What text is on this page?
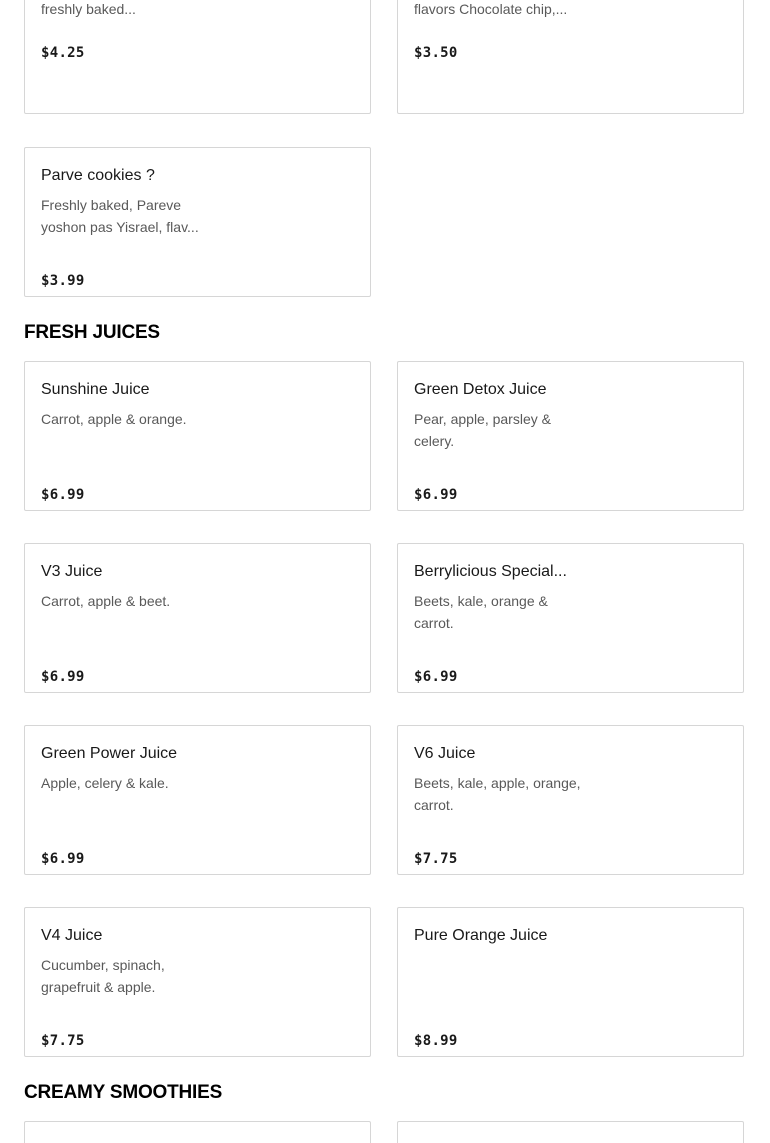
freshly baked...
$4.25
flavors Chocolate chip,...
$3.50
Parve cookies ?
Freshly baked, Pareve yoshon pas Yisrael, flav...
$3.99
FRESH JUICES
Sunshine Juice
Carrot, apple & orange.
$6.99
Green Detox Juice
Pear, apple, parsley & celery.
$6.99
V3 Juice
Carrot, apple & beet.
$6.99
Berrylicious Special...
Beets, kale, orange & carrot.
$6.99
Green Power Juice
Apple, celery & kale.
$6.99
V6 Juice
Beets, kale, apple, orange, carrot.
$7.75
V4 Juice
Cucumber, spinach, grapefruit & apple.
$7.75
Pure Orange Juice
$8.99
CREAMY SMOOTHIES
